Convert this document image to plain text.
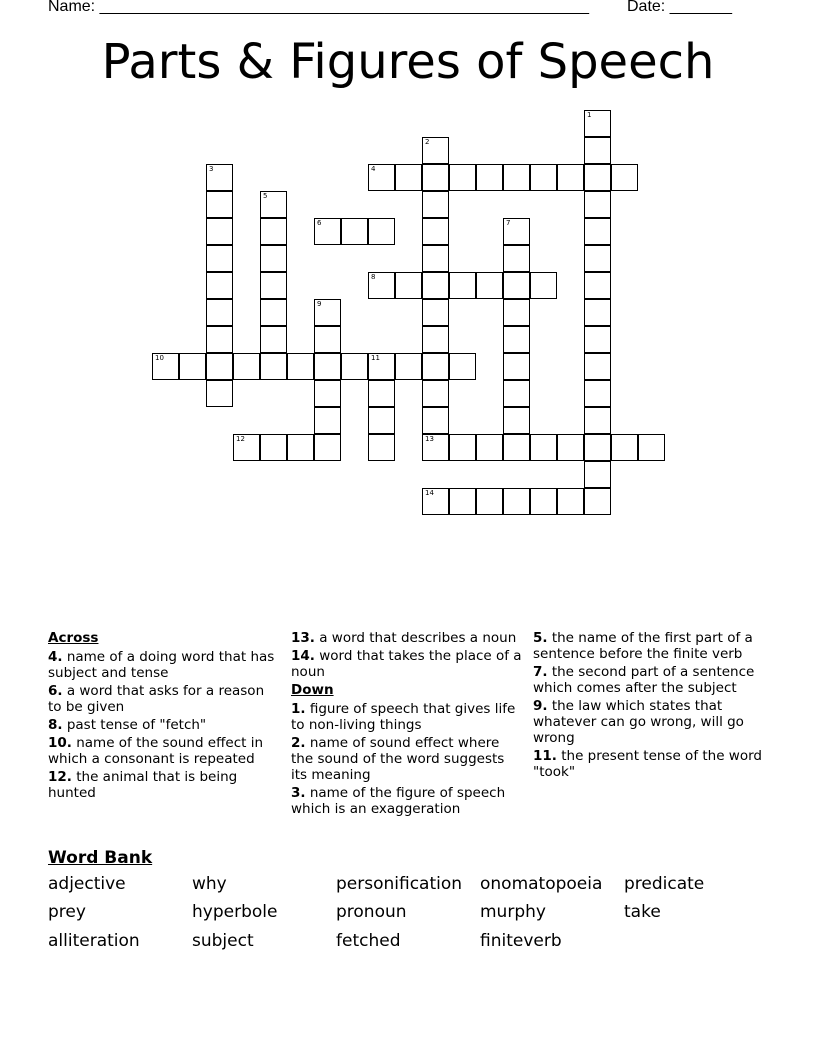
Name: _______________________________________________________ Date: _______
Parts & Figures of Speech
1
2
3	4
5
6	7
8
9
10	11
12	13
14
Across
4. name of a doing word that has subject and tense
6. a word that asks for a reason to be given
8. past tense of "fetch"
10. name of the sound effect in which a consonant is repeated
12. the animal that is being hunted
13. a word that describes a noun
14. word that takes the place of a noun
Down
1. figure of speech that gives life to non-living things
2. name of sound effect where the sound of the word suggests its meaning
3. name of the figure of speech which is an exaggeration
5. the name of the first part of a sentence before the finite verb
7. the second part of a sentence which comes after the subject
9. the law which states that whatever can go wrong, will go wrong
11. the present tense of the word "took"
Word Bank
adjective	why	personification onomatopoeia predicate
prey	hyperbole	pronoun	murphy	take
alliteration	subject	fetched	finiteverb
